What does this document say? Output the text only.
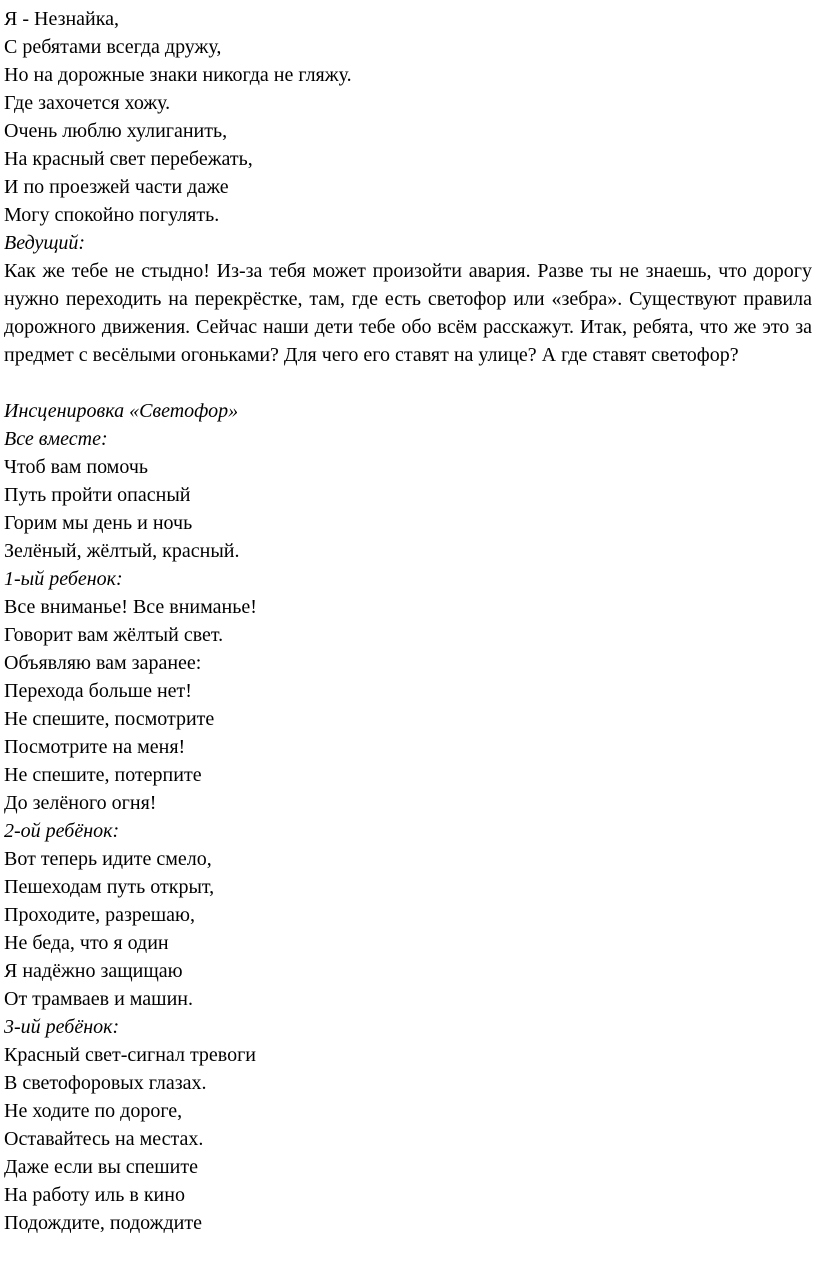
Я - Незнайка,
С ребятами всегда дружу,
Но на дорожные знаки никогда не гляжу.
Где захочется хожу.
Очень люблю хулиганить,
На красный свет перебежать,
И по проезжей части даже
Могу спокойно погулять.
Ведущий:
Как же тебе не стыдно! Из-за тебя может произойти авария. Разве ты не знаешь, что дорогу нужно переходить на перекрёстке, там, где есть светофор или «зебра». Существуют правила дорожного движения. Сейчас наши дети тебе обо всём расскажут. Итак, ребята, что же это за предмет с весёлыми огоньками? Для чего его ставят на улице? А где ставят светофор?
Инсценировка «Светофор»
Все вместе:
Чтоб вам помочь
Путь пройти опасный
Горим мы день и ночь
Зелёный, жёлтый, красный.
1-ый ребенок:
Все вниманье! Все вниманье!
Говорит вам жёлтый свет.
Объявляю вам заранее:
Перехода больше нет!
Не спешите, посмотрите
Посмотрите на меня!
Не спешите, потерпите
До зелёного огня!
2-ой ребёнок:
Вот теперь идите смело,
Пешеходам путь открыт,
Проходите, разрешаю,
Не беда, что я один
Я надёжно защищаю
От трамваев и машин.
3-ий ребёнок:
Красный свет-сигнал тревоги
В светофоровых глазах.
Не ходите по дороге,
Оставайтесь на местах.
Даже если вы спешите
На работу иль в кино
Подождите, подождите
